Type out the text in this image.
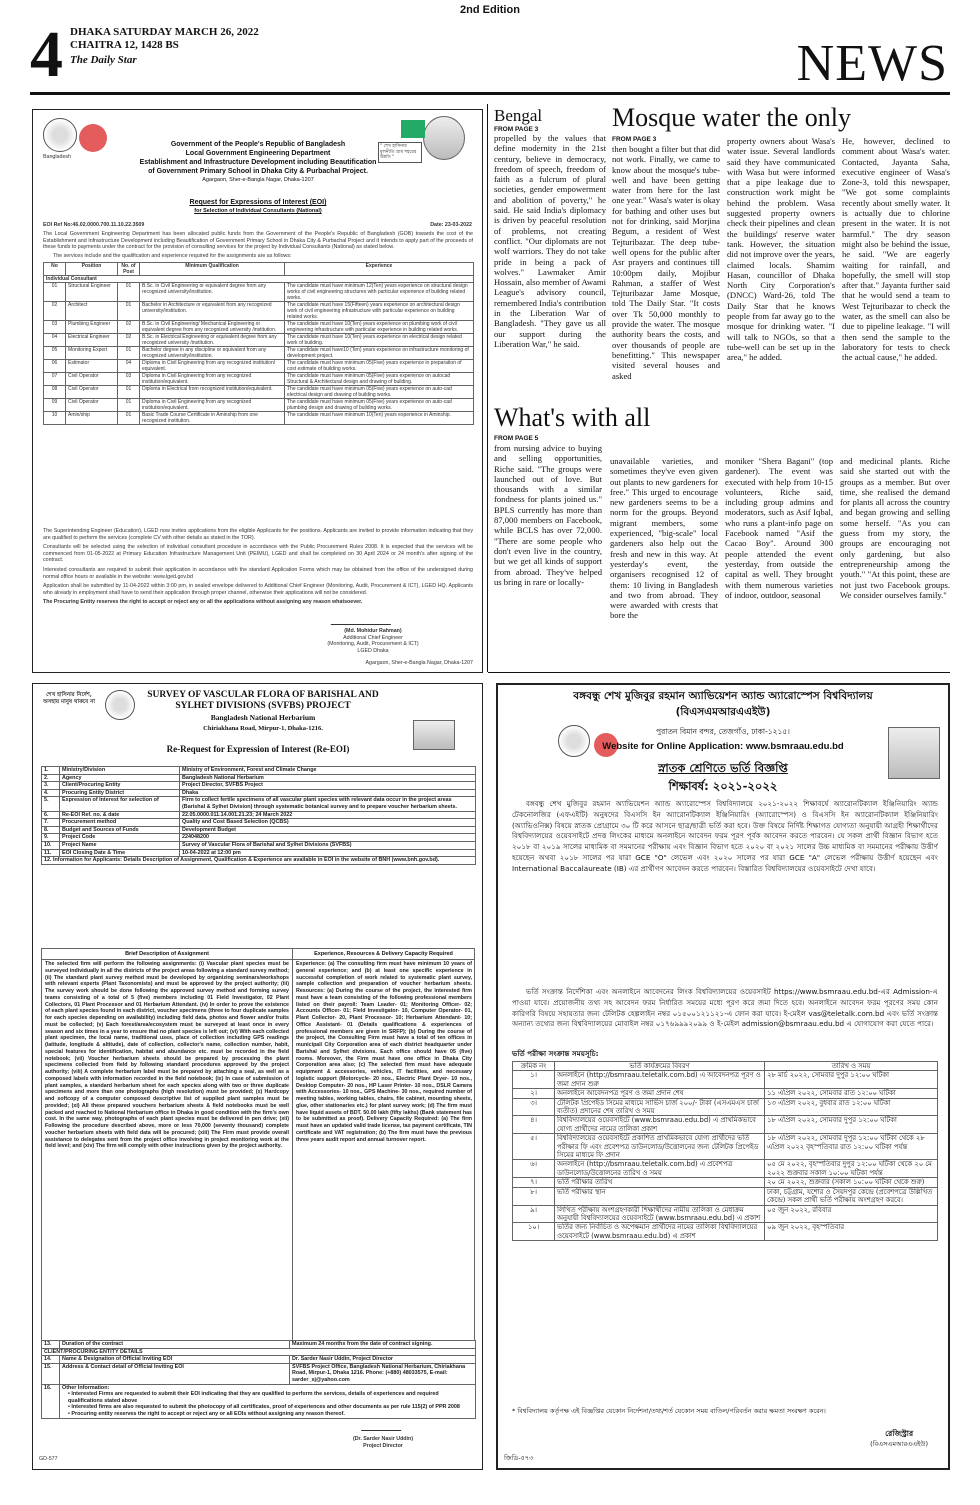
2nd Edition
4 DHAKA SATURDAY MARCH 26, 2022
CHAITRA 12, 1428 BS
The Daily Star	NEWS
Bangladesh
" শেখ হাসিনার মূলনীতি গ্রাম শহরের উন্নতি "
Government of the People's Republic of Bangladesh
Local Government Engineering Department
Establishment and Infrastructure Development including Beautification
of Government Primary School in Dhaka City & Purbachal Project.
Agargaon, Sher-e-Bangla Nagar, Dhaka-1207
Request for Expressions of Interest (EOI)
for Selection of Individual Consultants (National)
EOI Ref No:46.02.0000.700.11.10.22.3509	Date: 23-03-2022
The Local Government Engineering Department has been allocated public funds from the Government of the People's Republic of Bangladesh (GOB) towards the cost of the Establishment and Infrastructure Development including Beautification of Government Primary School in Dhaka City & Purbachal Project and it intends to apply part of the proceeds of these funds to payments under the contract for the provision of consulting services for the project by Individual Consultants (National) as stated below.
The services include and the qualification and experience required for the assignments are as follows:
No	Position	No. of Post	Minimum Qualification	Experience
Individual Consultant				
01	Structural Engineer	01	B.Sc. in Civil Engineering or equivalent degree from any recognized university/institution.	The candidate must have minimum 12(Ten) years experience on structural design works of civil engineering structures with particular experience of building related works.
02	Architect	01	Bachelor in Architecture or equivalent from any recognized university/institution.	The candidate must have 15(Fifteen) years experience on architectural design work of civil engineering infrastructure with particular experience on building related works.
03	Plumbing Engineer	02	B.Sc. in Civil Engineering/ Mechanical Engineering or equivalent degree from any recognized university /institution.	The candidate must have 10(Ten) years experience on plumbing work of civil engineering infrastructure with particular experience in building related works.
04	Electrical Engineer	02	B.Sc. in Electrical Engineering or equivalent degree from any recognized university /institution.	The candidate must have 10(Ten) years experience on electrical design related work of building.
05	Monitoring Expert	01	Bachelor degree in any discipline or equivalent from any recognized university/institution.	The candidate must have10 (Ten) years experience on infrastructure monitoring of development project.
06	Estimator	04	Diploma in Civil Engineering from any recognized institution/ equivalent.	The candidate must have minimum 05(Five) years experience in preparation of cost estimate of building works.
07	Civil Operator	03	Diploma in Civil Engineering from any recognized institution/equivalent.	The candidate must have minimum 05(Five) years experience on autocad Structural & Architectural design and drawing of building.
08	Civil Operator	01	Diploma in Electrical from recognized institution/equivalent.	The candidate must have minimum 05(Five) years experience on auto-cad electrical design and drawing of building works.
09	Civil Operator	01	Diploma in Civil Engineering from any recognized institution/equivalent.	The candidate must have minimum 05(Five) years experience on auto-cad plumbing design and drawing of building works.
10	Amin/ship	01	Basic Trade Course Certificate in Aminship from one recognized institution.	The candidate must have minimum 10(Ten) years experience in Aminship.
The Superintending Engineer (Education), LGED now invites applications from the eligible Applicants for the positions. Applicants are invited to provide information indicating that they are qualified to perform the services (complete CV with other details as stated in the TOR).
Consultants will be selected using the selection of individual consultant procedure in accordance with the Public Procurement Rules 2008. It is expected that the services will be commenced from 01-05-2022 at Primary Education Infrastructure Management Unit (PEIMU), LGED and shall be completed on 30 April 2024 or 24 month's after signing of the contract.
Interested consultants are required to submit their application in accordance with the standard Application Forms which may be obtained from the office of the undersigned during normal office hours or available in the website: www.lged.gov.bd
Application shall be submitted by 11-04-2022 within 3:00 pm, in sealed envelope delivered to Additional Chief Engineer (Monitoring, Audit, Procurement & ICT), LGED HQ. Applicants who already in employment shall have to send their application through proper channel, otherwise their applications will not be considered.
The Procuring Entity reserves the right to accept or reject any or all the applications without assigning any reason whatsoever.
(Md. Mohidur Rahman)
Additional Chief Engineer
(Monitoring, Audit, Procurement & ICT)
LGED Dhaka
Agargaon, Sher-e-Bangla Nagar, Dhaka-1207
Bengal
FROM PAGE 3
propelled by the values that define modernity in the 21st century, believe in democracy, freedom of speech, freedom of faith as a fulcrum of plural societies, gender empowerment and abolition of poverty," he said. He said India's diplomacy is driven by peaceful resolution of problems, not creating conflict. "Our diplomats are not wolf warriors. They do not take pride in being a pack of wolves." Lawmaker Amir Hossain, also member of Awami League's advisory council, remembered India's contribution in the Liberation War of Bangladesh. "They gave us all our support during the Liberation War," he said.
Mosque water the only
FROM PAGE 3
then bought a filter but that did not work. Finally, we came to know about the mosque's tube-well and have been getting water from here for the last one year." Wasa's water is okay for bathing and other uses but not for drinking, said Morjina Begum, a resident of West Tejturibazar. The deep tube-well opens for the public after Asr prayers and continues till 10:00pm daily, Mojibur Rahman, a staffer of West Tejturibazar Jame Mosque, told The Daily Star. "It costs over Tk 50,000 monthly to provide the water. The mosque authority bears the costs, and over thousands of people are benefitting." This newspaper visited several houses and asked
property owners about Wasa's water issue. Several landlords said they have communicated with Wasa but were informed that a pipe leakage due to construction work might be behind the problem. Wasa suggested property owners check their pipelines and clean the buildings' reserve water tank. However, the situation did not improve over the years, claimed locals. Shamim Hasan, councillor of Dhaka North City Corporation's (DNCC) Ward-26, told The Daily Star that he knows people from far away go to the mosque for drinking water. "I will talk to NGOs, so that a tube-well can be set up in the area," he added.
He, however, declined to comment about Wasa's water. Contacted, Jayanta Saha, executive engineer of Wasa's Zone-3, told this newspaper, "We got some complaints recently about smelly water. It is actually due to chlorine present in the water. It is not harmful." The dry season might also be behind the issue, he said. "We are eagerly waiting for rainfall, and hopefully, the smell will stop after that." Jayanta further said that he would send a team to West Tejturibazar to check the water, as the smell can also be due to pipeline leakage. "I will then send the sample to the laboratory for tests to check the actual cause," he added.
What's with all
FROM PAGE 5
from nursing advice to buying and selling opportunities, Riche said. "The groups were launched out of love. But thousands with a similar fondness for plants joined us." BPLS currently has more than 87,000 members on Facebook, while BCLS has over 72,000. "There are some people who don't even live in the country, but we get all kinds of support from abroad. They've helped us bring in rare or locally-
unavailable varieties, and sometimes they've even given out plants to new gardeners for free." This urged to encourage new gardeners seems to be a norm for the groups. Beyond migrant members, some experienced, "big-scale" local gardeners also help out the fresh and new in this way. At yesterday's event, the organisers recognised 12 of them: 10 living in Bangladesh and two from abroad. They were awarded with crests that bore the
moniker "Shera Bagani" (top gardener). The event was executed with help from 10-15 volunteers, Riche said, including group admins and moderators, such as Asif Iqbal, who runs a plant-info page on Facebook named "Asif the Cacao Boy". Around 300 people attended the event yesterday, from outside the capital as well. They brought with them numerous varieties of indoor, outdoor, seasonal
and medicinal plants. Riche said she started out with the groups as a member. But over time, she realised the demand for plants all across the country and began growing and selling some herself. "As you can guess from my story, the groups are encouraging not only gardening, but also entrepreneurship among the youth." "At this point, these are not just two Facebook groups. We consider ourselves family."
শেখ হাসিনার নির্দেশ,
অসহায় মানুষ থাকবে না
SURVEY OF VASCULAR FLORA OF BARISHAL AND
SYLHET DIVISIONS (SVFBS) PROJECT
Bangladesh National Herbarium
Chiriakhana Road, Mirpur-1, Dhaka-1216.
Re-Request for Expression of Interest (Re-EOI)
1.	Ministry/Division	Ministry of Environment, Forest and Climate Change
2.	Agency	Bangladesh National Herbarium
3.	Client/Procuring Entity	Project Director, SVFBS Project
4.	Procuring Entity District	Dhaka
5.	Expression of Interest for selection of	Firm to collect fertile specimens of all vascular plant species with relevant data occur in the project areas (Barishal & Sylhet Division) through systematic botanical survey and to prepare voucher herbarium sheets.
6.	Re-EOI Ref. no. & date	22.05.0000.011.14.001.21.23; 24 March 2022
7.	Procurement method	Quality and Cost Based Selection (QCBS)
8.	Budget and Sources of Funds	Development Budget
9.	Project Code	224048200
10.	Project Name	Survey of Vascular Flora of Barishal and Sylhet Divisions (SVFBS)
11.	EOI Closing Date & Time	10-04-2022 at 12:00 pm
12. Information for Applicants: Details Description of Assignment, Qualification & Experience are available in EOI in the website of BNH (www.bnh.gov.bd).		
Brief Description of Assignment	Experience, Resources & Delivery Capacity Required
The selected firm will perform the following assignments: (i) Vascular plant species must be surveyed individually in all the districts of the project areas following a standard survey method; (ii) The standard plant survey method must be developed by organizing seminars/workshops with relevant experts (Plant Taxonomists) and must be approved by the project authority; (iii) The survey work should be done following the approved survey method and forming survey teams consisting of a total of 5 (five) members including 01 Field Investigator, 02 Plant Collectors, 01 Plant Processor and 01 Herbarium Attendant. (iv) In order to prove the existence of each plant species found in each district, voucher specimens (three to four duplicate samples for each species depending on availability) including field data, photos and flower and/or fruits must be collected; (v) Each forest/area/ecosystem must be surveyed at least once in every season and six times in a year to ensure that no plant species is left out; (vi) With each collected plant specimen, the local name, traditional uses, place of collection including GPS readings (latitude, longitude & altitude), date of collection, collector's name, collection number, habit, special features for identification, habitat and abundance etc. must be recorded in the field notebook; (vii) Voucher herbarium sheets should be prepared by processing the plant specimens collected from field by following standard procedures approved by the project authority; (viii) A complete herbarium label must be prepared by attaching a seal, as well as a composed labels with information recorded in the field notebook; (ix) In case of submission of plant samples, a standard herbarium sheet for each species along with two or three duplicate specimens and more than one photographs (high resolution) must be provided; (x) Hardcopy and softcopy of a computer composed descriptive list of supplied plant samples must be provided; (xi) All these prepared vouchers herbarium sheets & field notebooks must be well packed and reached to National Herbarium office in Dhaka in good condition with the firm's own cost. In the same way, photographs of each plant species must be delivered in pen drive; (xii) Following the procedure described above, more or less 70,000 (seventy thousand) complete voucher herbarium sheets with field data will be procured; (xiii) The Firm must provide overall assistance to delegates sent from the project office involving in project monitoring work at the field level; and (xiv) The firm will comply with other instructions given by the project authority.
Experience: (a) The consulting firm must have minimum 10 years of general experience; and (b) at least one specific experience in successful completion of work related to systematic plant survey, sample collection and preparation of voucher herbarium sheets. Resources: (a) During the course of the project, the interested firm must have a team consisting of the following professional members listed on their payroll: Team Leader- 01; Monitoring Officer- 02; Accounts Officer- 01; Field Investigator- 10, Computer Operator- 01, Plant Collector- 20, Plant Processor- 10; Herbarium Attendant- 10; Office Assistant- 01 (Details qualifications & experiences of professional members are given in SRFP); (b) During the course of the project, the Consulting Firm must have a total of ten offices in municipal/ City Corporation area of each district headquarter under Barishal and Sylhet divisions. Each office should have 05 (five) rooms. Moreover, the Firm must have one office in Dhaka City Corporation area also; (c) The selected firm must have adequate equipment & accessories, vehicles, IT facilities, and necessary logistic support (Motorcycle- 20 nos., Electric Plant Dryer- 10 nos., Desktop Computer- 20 nos., HP Laser Printer- 10 nos., DSLR Camera with Accessories- 10 nos., GPS Machine- 30 nos., required number of meeting tables, working tables, chairs, file cabinet, mounting sheets, glue, other stationaries etc.) for plant survey work; (d) The firm must have liquid assets of BDT. 50.00 lakh (fifty lakhs) (Bank statement has to be submitted as proof). Delivery Capacity Required: (a) The firm must have an updated valid trade license, tax payment certificate, TIN certificate and VAT registration; (b) The firm must have the previous three years audit report and annual turnover report.
13.	Duration of the contract	Maximum 24 months from the date of contract signing.
CLIENT/PROCURING ENTITY DETAILS		
14.	Name & Designation of Official Inviting EOI	Dr. Sarder Nasir Uddin, Project Director
15.	Address & Contact detail of Official Inviting EOI	SVFBS Project Office, Bangladesh National Herbarium, Chiriakhana Road, Mirpur-1, Dhaka 1216. Phone: (+880) 48033575, E-mail: sarder_sj@yahoo.com
16.	Other Information:
• Interested Firms are requested to submit their EOI indicating that they are qualified to perform the services, details of experiences and required qualifications stated above
• Interested firms are also requested to submit the photocopy of all certificates, proof of experiences and other documents as per rule 115(2) of PPR 2008
• Procuring entity reserves the right to accept or reject any or all EOIs without assigning any reason thereof.	
(Dr. Sarder Nasir Uddin)
Project Director
GD-577
বঙ্গবন্ধু শেখ মুজিবুর রহমান অ্যাভিয়েশন অ্যান্ড অ্যারোস্পেস বিশ্ববিদ্যালয়
(বিএসএমআরএএইউ)
পুরাতন বিমান বন্দর, তেজগাঁও, ঢাকা-১২১৫।
Website for Online Application: www.bsmraau.edu.bd
স্নাতক শ্রেণিতে ভর্তি বিজ্ঞপ্তি
শিক্ষাবর্ষ: ২০২১-২০২২
বঙ্গবন্ধু শেখ মুজিবুর রহমান অ্যাভিয়েশন অ্যান্ড অ্যারোস্পেস বিশ্ববিদ্যালয়ে ২০২১-২০২২ শিক্ষাবর্ষে অ্যারোনটিক্যাল ইঞ্জিনিয়ারিং অ্যান্ড টেকনোলজির (এফএইটি) অনুষদের বিএসসি ইন অ্যারোনটিক্যাল ইঞ্জিনিয়ারিং (অ্যারোস্পেস) ও বিএসসি ইন অ্যারোনটিক্যাল ইঞ্জিনিয়ারিং (অ্যাভিওনিক্স) বিষয়ে স্নাতক প্রোগ্রামে ৩০ টি করে আসনে ছাত্র/ছাত্রী ভর্তি করা হবে। উক্ত বিষয়ে নির্দিষ্ট শিক্ষাগত যোগ্যতা অনুযায়ী আগ্রহী শিক্ষার্থীদের বিশ্ববিদ্যালয়ের ওয়েবসাইটে প্রদত্ত লিংকের মাধ্যমে অনলাইনে আবেদন ফরম পূরণ পূর্বক আবেদন করতে পারবেন। যে সকল প্রার্থী বিজ্ঞান বিভাগ হতে ২০১৮ বা ২০১৯ সালের মাধ্যমিক বা সমমানের পরীক্ষায় এবং বিজ্ঞান বিভাগ হতে ২০২০ বা ২০২১ সালের উচ্চ মাধ্যমিক বা সমমানের পরীক্ষায় উত্তীর্ণ হয়েছেন অথবা ২০১৮ সালের পর যারা GCE "O" লেভেল এবং ২০২০ সালের পর যারা GCE "A" লেভেল পরীক্ষায় উত্তীর্ণ হয়েছেন এবং International Baccalaureate (IB) এর প্রার্থীগণ আবেদন করতে পারবেন। বিস্তারিত বিশ্ববিদ্যালয়ের ওয়েবসাইটে দেখা যাবে।
ভর্তি সংক্রান্ত নির্দেশিকা এবং অনলাইনে আবেদনের লিংক বিশ্ববিদ্যালয়ের ওয়েবসাইট https://www.bsmraau.edu.bd-এর Admission-এ পাওয়া যাবে। প্রয়োজনীয় তথ্য সহ আবেদন ফরম নির্ধারিত সময়ের মধ্যে পূরণ করে জমা দিতে হবে। অনলাইনে আবেদন ফরম পূরণের সময় কোন কারিগরি বিষয়ে সহায়তার জন্য টেলিটক হেল্পলাইন নম্বর ০১৫০০১২১১২১-এ ফোন করা যাবে। ই-মেইল vas@teletalk.com.bd এবং ভর্তি সংক্রান্ত অন্যান্য তথ্যের জন্য বিশ্ববিদ্যালয়ের মোবাইল নম্বর ০১৭৬৯৯৯২০৯৯ ও ই-মেইল admission@bsmraau.edu.bd এ যোগাযোগ করা যেতে পারে।
ভর্তি পরীক্ষা সংক্রান্ত সময়সূচি:
ক্রমিক নং	ভর্তি কার্যক্রমের বিবরণ	তারিখ ও সময়
১।	অনলাইনে (http://bsmraau.teletalk.com.bd) এ আবেদনপত্র পূরণ ও জমা প্রদান শুরু	২৮ মার্চ ২০২২, সোমবার দুপুর ১২:০০ ঘটিকা
২।	অনলাইনে আবেদনপত্র পূরণ ও জমা প্রদান শেষ	১১ এপ্রিল ২০২২, সোমবার রাত ১২:০০ ঘটিকা
৩।	টেলিটক প্রিপেইড সিমের মাধ্যমে সার্ভিস চার্জ ২০০/- টাকা (এসএমএস চার্জ ব্যতীত) প্রদানের শেষ তারিখ ও সময়	১৩ এপ্রিল ২০২২, বুধবার রাত ১২:০০ ঘটিকা
৪।	বিশ্ববিদ্যালয়ের ওয়েবসাইটে (www.bsmraau.edu.bd) এ প্রাথমিকভাবে যোগ্য প্রার্থীদের নামের তালিকা প্রকাশ	১৮ এপ্রিল ২০২২, সোমবার দুপুর ১২:০০ ঘটিকা
৫।	বিশ্ববিদ্যালয়ের ওয়েবসাইটে প্রকাশিত প্রাথমিকভাবে যোগ্য প্রার্থীদের ভর্তি পরীক্ষার ফি এবং প্রবেশপত্র ডাউনলোড/উত্তোলনের জন্য টেলিটক প্রিপেইড সিমের মাধ্যমে ফি প্রদান	১৮ এপ্রিল ২০২২, সোমবার দুপুর ১২:০০ ঘটিকা থেকে ২৮ এপ্রিল ২০২২ বৃহস্পতিবার রাত ১২:০০ ঘটিকা পর্যন্ত
৬।	অনলাইনে (http://bsmraau.teletalk.com.bd) এ প্রবেশপত্র ডাউনলোড/উত্তোলনের তারিখ ও সময়	০৫ মে ২০২২, বৃহস্পতিবার দুপুর ১২:০০ ঘটিকা থেকে ২০ মে ২০২২ শুক্রবার সকাল ১০:০০ ঘটিকা পর্যন্ত
৭।	ভর্তি পরীক্ষার তারিখ	২০ মে ২০২২, শুক্রবার (সকাল ১০:০০ ঘটিকা থেকে শুরু)
৮।	ভর্তি পরীক্ষার স্থান	ঢাকা, চট্টগ্রাম, যশোর ও সৈয়দপুর কেন্দ্রে (প্রবেশপত্রে উল্লিখিত কেন্দ্রে) সকল প্রার্থী ভর্তি পরীক্ষায় অংশগ্রহণ করবে।
৯।	লিখিত পরীক্ষায় অংশগ্রহণকারী শিক্ষার্থীদের নামীয় তালিকা ও মেধাক্রম অনুযায়ী বিশ্ববিদ্যালয়ের ওয়েবসাইটে (www.bsmraau.edu.bd) এ প্রকাশ	০৫ জুন ২০২২, রবিবার
১০।	ভর্তির জন্য নির্বাচিত ও অপেক্ষমান প্রার্থীদের নামের তালিকা বিশ্ববিদ্যালয়ের ওয়েবসাইটে (www.bsmraau.edu.bd) এ প্রকাশ	০৯ জুন ২০২২, বৃহস্পতিবার
* বিশ্ববিদ্যালয় কর্তৃপক্ষ এই বিজ্ঞপ্তির যেকোন নির্দেশনা/তথ্য/শর্ত যেকোন সময় বাতিল/পরিবর্তন করার ক্ষমতা সংরক্ষণ করেন।
রেজিস্ট্রার
(বিএসএমআরএএইউ)
জিডি-৫৭৩
